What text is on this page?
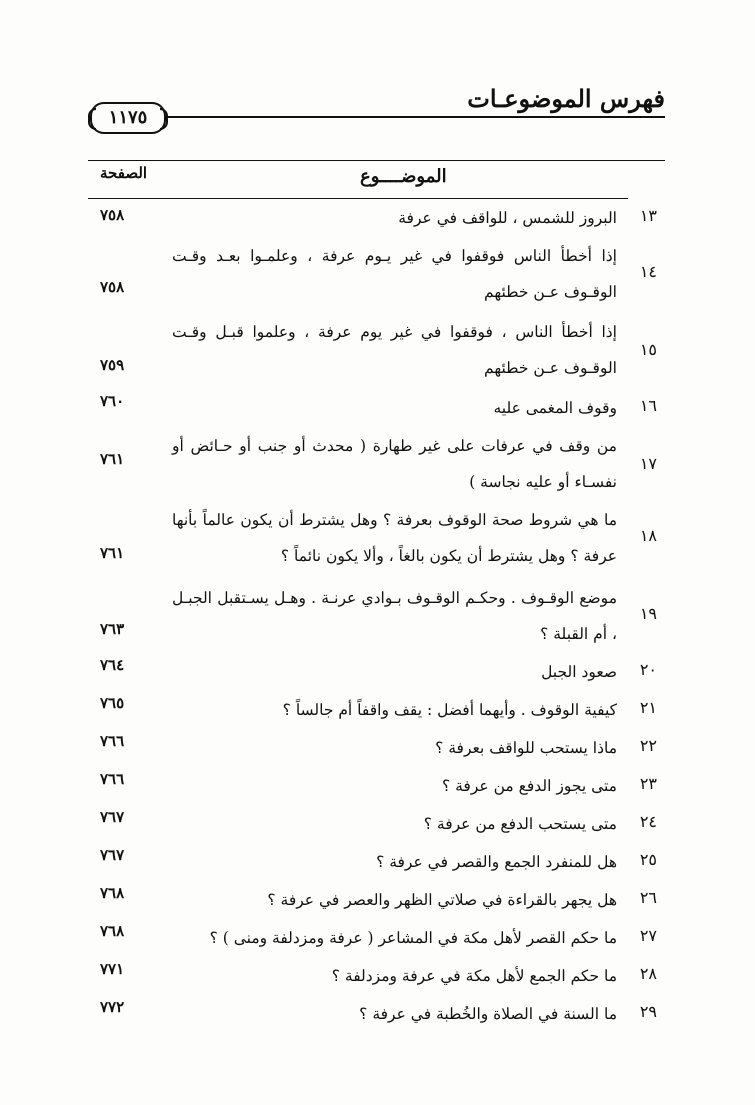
فهرس الموضوعـات
١١٧٥
الصفحة	الموضــــوع
١٣
البروز للشمس ، للواقف في عرفة
٧٥٨
١٤
إذا أخطأ الناس فوقفوا في غير يـوم عرفة ، وعلمـوا بعـد وقـت الوقـوف عـن خطئهم
٧٥٨
١٥
إذا أخطأ الناس ، فوقفوا في غير يوم عرفة ، وعلموا قبـل وقـت الوقـوف عـن خطئهم
٧٥٩
١٦
وقوف المغمى عليه
٧٦٠
١٧
من وقف في عرفات على غير طهارة ( محدث أو جنب أو حـائض أو نفسـاء أو عليه نجاسة )
٧٦١
١٨
ما هي شروط صحة الوقوف بعرفة ؟ وهل يشترط أن يكون عالماً بأنها عرفة ؟ وهل يشترط أن يكون بالغاً ، وألا يكون نائماً ؟
٧٦١
١٩
موضع الوقـوف . وحكـم الوقـوف بـوادي عرنـة . وهـل يسـتقبل الجبـل ، أم القبلة ؟
٧٦٣
٢٠
صعود الجبل
٧٦٤
٢١
كيفية الوقوف . وأيهما أفضل : يقف واقفاً أم جالساً ؟
٧٦٥
٢٢
ماذا يستحب للواقف بعرفة ؟
٧٦٦
٢٣
متى يجوز الدفع من عرفة ؟
٧٦٦
٢٤
متى يستحب الدفع من عرفة ؟
٧٦٧
٢٥
هل للمنفرد الجمع والقصر في عرفة ؟
٧٦٧
٢٦
هل يجهر بالقراءة في صلاتي الظهر والعصر في عرفة ؟
٧٦٨
٢٧
ما حكم القصر لأهل مكة في المشاعر ( عرفة ومزدلفة ومنى ) ؟
٧٦٨
٢٨
ما حكم الجمع لأهل مكة في عرفة ومزدلفة ؟
٧٧١
٢٩
ما السنة في الصلاة والخُطبة في عرفة ؟
٧٧٢
